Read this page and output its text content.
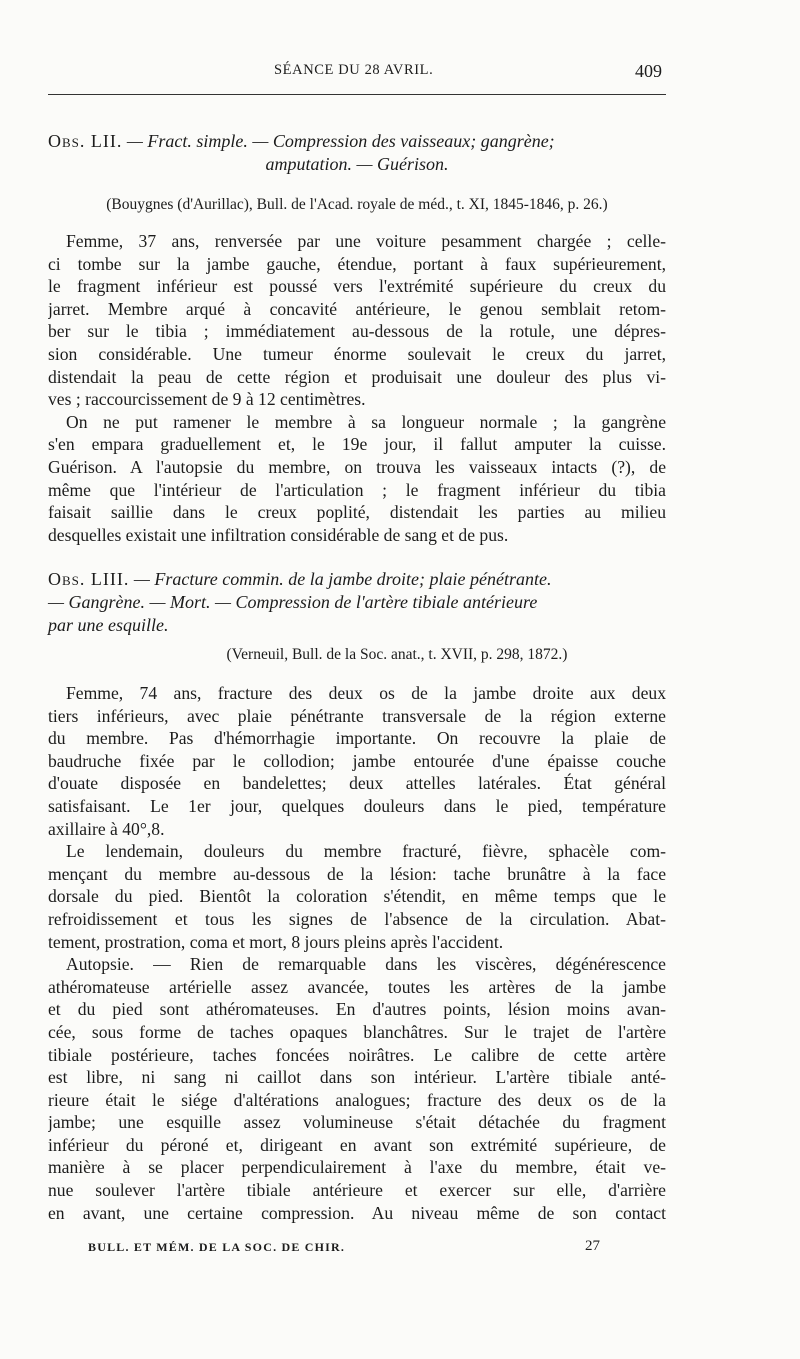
SÉANCE DU 28 AVRIL.	409
Obs. LII. — Fract. simple. — Compression des vaisseaux; gangrène;
amputation. — Guérison.
(Bouygnes (d'Aurillac), Bull. de l'Acad. royale de méd., t. XI, 1845-1846, p. 26.)
Femme, 37 ans, renversée par une voiture pesamment chargée ; celle-
ci tombe sur la jambe gauche, étendue, portant à faux supérieurement,
le fragment inférieur est poussé vers l'extrémité supérieure du creux du
jarret. Membre arqué à concavité antérieure, le genou semblait retom-
ber sur le tibia ; immédiatement au-dessous de la rotule, une dépres-
sion considérable. Une tumeur énorme soulevait le creux du jarret,
distendait la peau de cette région et produisait une douleur des plus vi-
ves ; raccourcissement de 9 à 12 centimètres.
On ne put ramener le membre à sa longueur normale ; la gangrène
s'en empara graduellement et, le 19e jour, il fallut amputer la cuisse.
Guérison. A l'autopsie du membre, on trouva les vaisseaux intacts (?), de
même que l'intérieur de l'articulation ; le fragment inférieur du tibia
faisait saillie dans le creux poplité, distendait les parties au milieu
desquelles existait une infiltration considérable de sang et de pus.
Obs. LIII. — Fracture commin. de la jambe droite; plaie pénétrante.
— Gangrène. — Mort. — Compression de l'artère tibiale antérieure
par une esquille.
(Verneuil, Bull. de la Soc. anat., t. XVII, p. 298, 1872.)
Femme, 74 ans, fracture des deux os de la jambe droite aux deux
tiers inférieurs, avec plaie pénétrante transversale de la région externe
du membre. Pas d'hémorrhagie importante. On recouvre la plaie de
baudruche fixée par le collodion; jambe entourée d'une épaisse couche
d'ouate disposée en bandelettes; deux attelles latérales. État général
satisfaisant. Le 1er jour, quelques douleurs dans le pied, température
axillaire à 40°,8.
Le lendemain, douleurs du membre fracturé, fièvre, sphacèle com-
mençant du membre au-dessous de la lésion: tache brunâtre à la face
dorsale du pied. Bientôt la coloration s'étendit, en même temps que le
refroidissement et tous les signes de l'absence de la circulation. Abat-
tement, prostration, coma et mort, 8 jours pleins après l'accident.
Autopsie. — Rien de remarquable dans les viscères, dégénérescence
athéromateuse artérielle assez avancée, toutes les artères de la jambe
et du pied sont athéromateuses. En d'autres points, lésion moins avan-
cée, sous forme de taches opaques blanchâtres. Sur le trajet de l'artère
tibiale postérieure, taches foncées noirâtres. Le calibre de cette artère
est libre, ni sang ni caillot dans son intérieur. L'artère tibiale anté-
rieure était le siége d'altérations analogues; fracture des deux os de la
jambe; une esquille assez volumineuse s'était détachée du fragment
inférieur du péroné et, dirigeant en avant son extrémité supérieure, de
manière à se placer perpendiculairement à l'axe du membre, était ve-
nue soulever l'artère tibiale antérieure et exercer sur elle, d'arrière
en avant, une certaine compression. Au niveau même de son contact
BULL. ET MÉM. DE LA SOC. DE CHIR.	27
